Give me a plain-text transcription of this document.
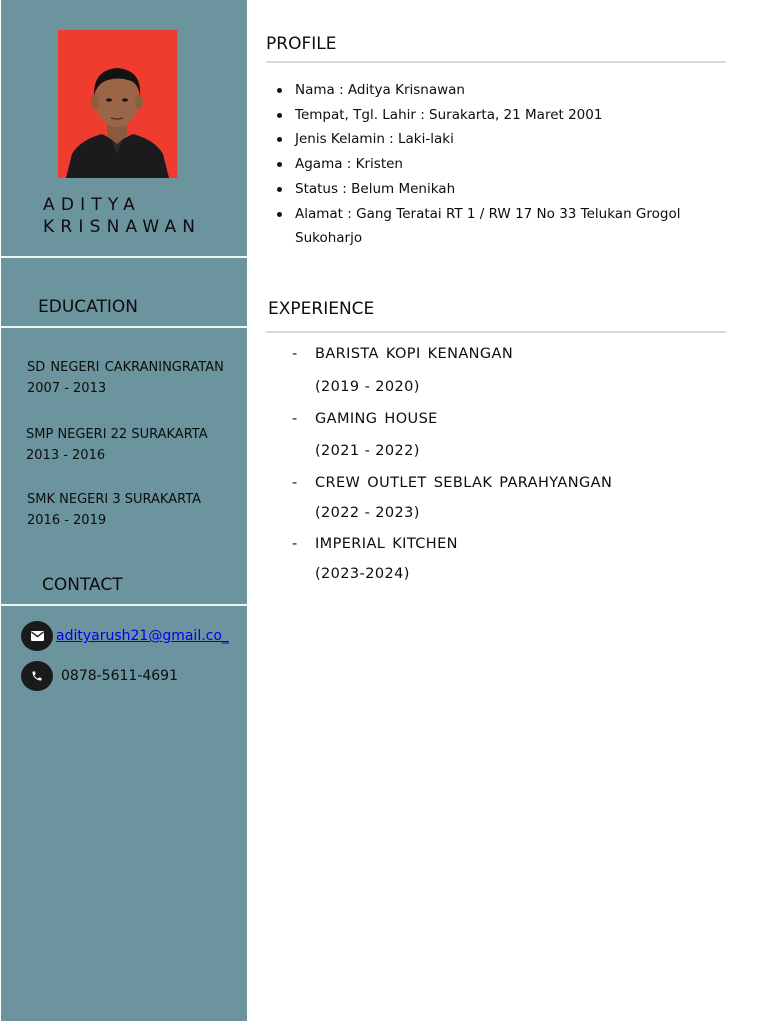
ADITYA
KRISNAWAN
EDUCATION
SD NEGERI CAKRANINGRATAN
2007 - 2013
SMP NEGERI 22 SURAKARTA
2013 - 2016
SMK NEGERI 3 SURAKARTA
2016 - 2019
CONTACT
adityarush21@gmail.co_
0878-5611-4691
PROFILE
Nama : Aditya Krisnawan
Tempat, Tgl. Lahir : Surakarta, 21 Maret 2001
Jenis Kelamin : Laki-laki
Agama : Kristen
Status : Belum Menikah
Alamat : Gang Teratai RT 1 / RW 17 No 33 Telukan Grogol Sukoharjo
EXPERIENCE
- BARISTA KOPI KENANGAN
(2019 - 2020)
- GAMING HOUSE
(2021 - 2022)
- CREW OUTLET SEBLAK PARAHYANGAN
(2022 - 2023)
- IMPERIAL KITCHEN
(2023-2024)
